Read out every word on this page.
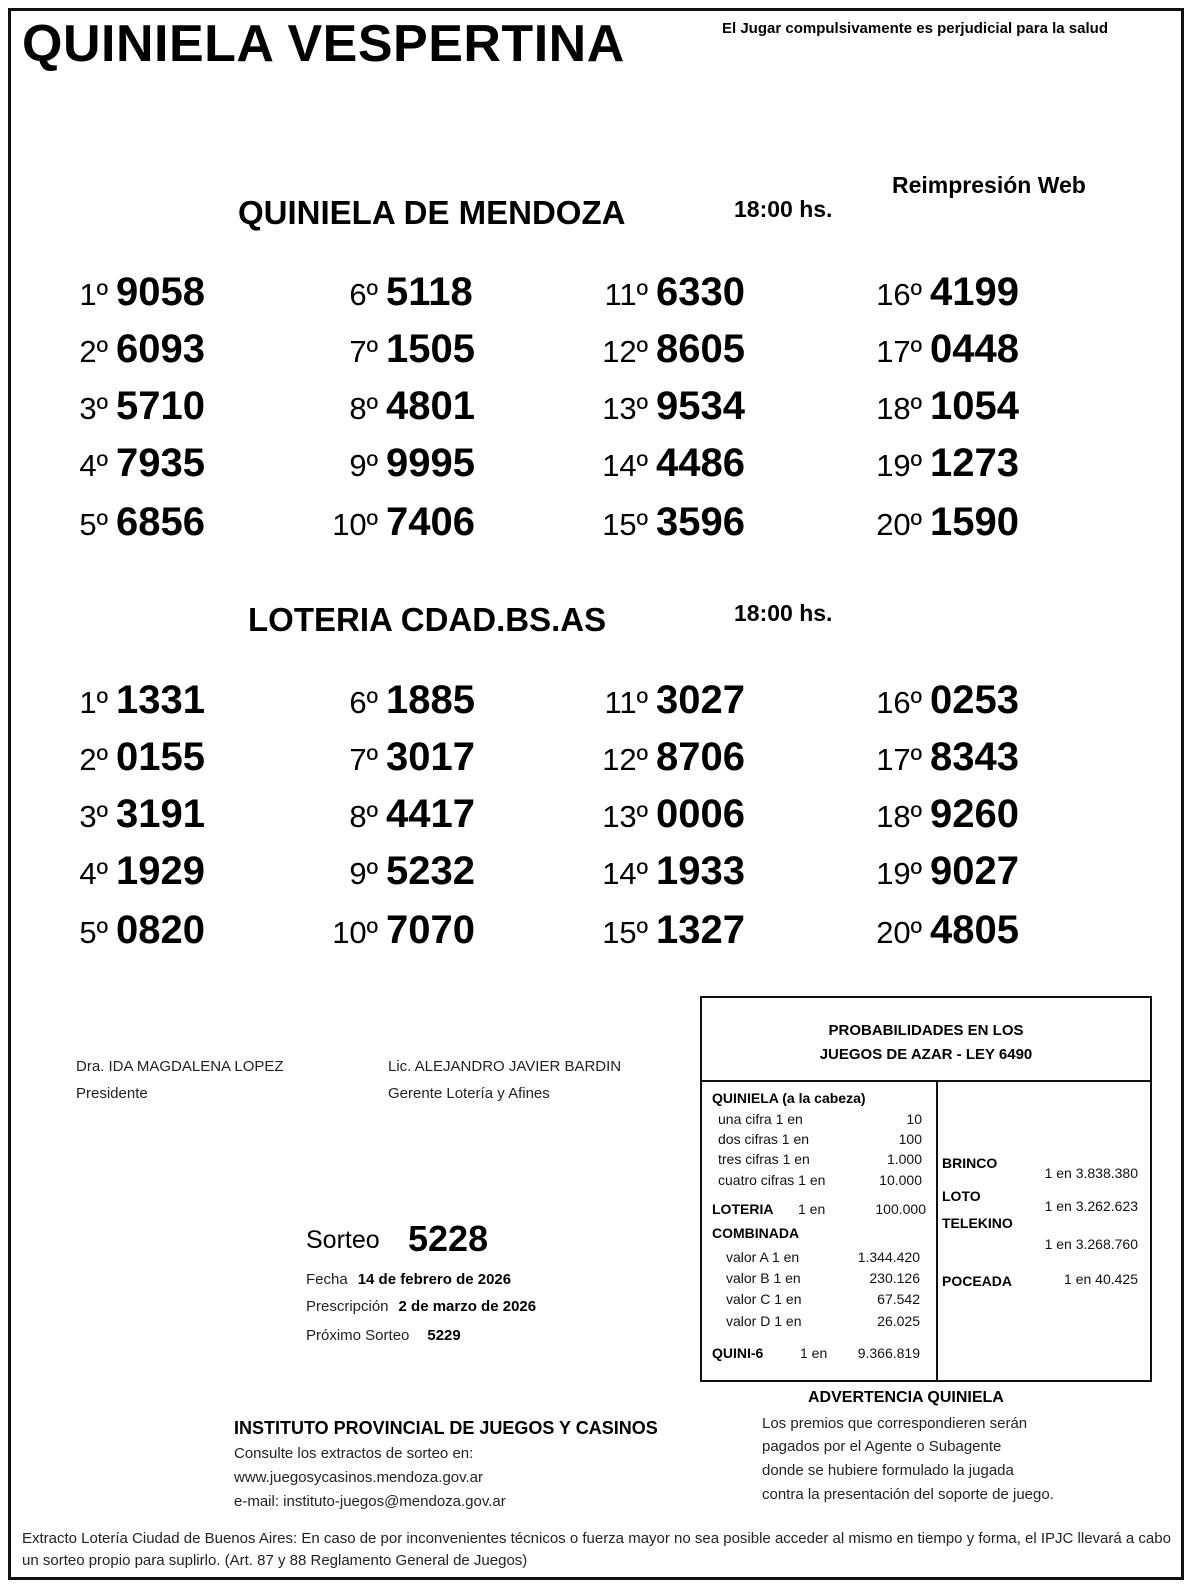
QUINIELA VESPERTINA	El Jugar compulsivamente es perjudicial para la salud
Reimpresión Web
QUINIELA DE MENDOZA	18:00 hs.
1º 9058
2º 6093
3º 5710
4º 7935
5º 6856
6º 5118
7º 1505
8º 4801
9º 9995
10º 7406
11º 6330
12º 8605
13º 9534
14º 4486
15º 3596
16º 4199
17º 0448
18º 1054
19º 1273
20º 1590
LOTERIA CDAD.BS.AS	18:00 hs.
1º 1331
2º 0155
3º 3191
4º 1929
5º 0820
6º 1885
7º 3017
8º 4417
9º 5232
10º 7070
11º 3027
12º 8706
13º 0006
14º 1933
15º 1327
16º 0253
17º 8343
18º 9260
19º 9027
20º 4805
Dra. IDA MAGDALENA LOPEZ
Presidente
Lic. ALEJANDRO JAVIER BARDIN
Gerente Lotería y Afines
Sorteo 5228
Fecha 14 de febrero de 2026
Prescripción 2 de marzo de 2026
Próximo Sorteo 5229
PROBABILIDADES EN LOS
JUEGOS DE AZAR - LEY 6490
QUINIELA (a la cabeza)
una cifra 1 en	10
dos cifras 1 en	100
tres cifras 1 en	1.000
cuatro cifras 1 en	10.000
LOTERIA 1 en	100.000
COMBINADA
valor A 1 en	1.344.420
valor B 1 en	230.126
valor C 1 en	67.542
valor D 1 en	26.025
QUINI-6	1 en 9.366.819
BRINCO
1 en 3.838.380
LOTO
1 en 3.262.623
TELEKINO
1 en 3.268.760
POCEADA	1 en 40.425
ADVERTENCIA QUINIELA
Los premios que correspondieren serán
pagados por el Agente o Subagente
donde se hubiere formulado la jugada
contra la presentación del soporte de juego.
INSTITUTO PROVINCIAL DE JUEGOS Y CASINOS
Consulte los extractos de sorteo en:
www.juegosycasinos.mendoza.gov.ar
e-mail: instituto-juegos@mendoza.gov.ar
Extracto Lotería Ciudad de Buenos Aires: En caso de por inconvenientes técnicos o fuerza mayor no sea posible acceder al mismo en tiempo y forma, el IPJC llevará a cabo un sorteo propio para suplirlo. (Art. 87 y 88 Reglamento General de Juegos)
